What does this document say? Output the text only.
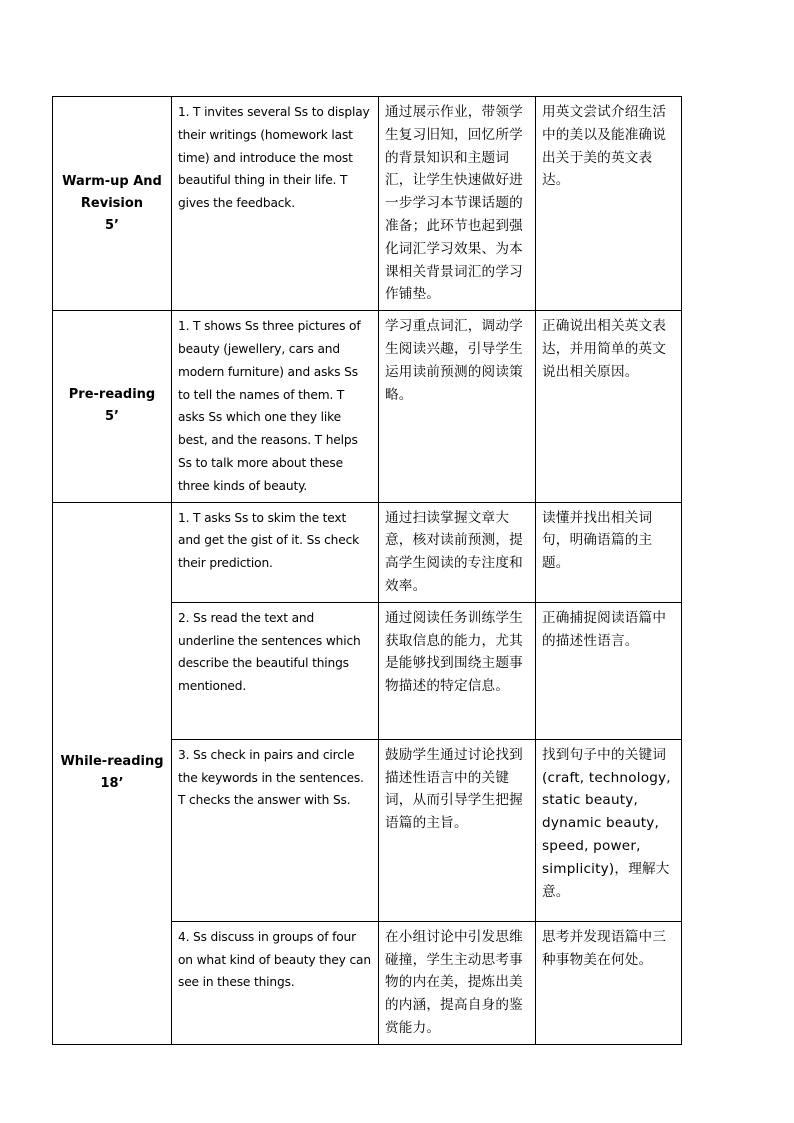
Warm-up And
Revision
5’	1. T invites several Ss to display their writings (homework last time) and introduce the most beautiful thing in their life. T gives the feedback.	通过展示作业，带领学生复习旧知，回忆所学的背景知识和主题词汇，让学生快速做好进一步学习本节课话题的准备；此环节也起到强化词汇学习效果、为本课相关背景词汇的学习作铺垫。	用英文尝试介绍生活中的美以及能准确说出关于美的英文表达。

Pre-reading
5’	1. T shows Ss three pictures of beauty (jewellery, cars and modern furniture) and asks Ss to tell the names of them. T asks Ss which one they like best, and the reasons. T helps Ss to talk more about these three kinds of beauty.	学习重点词汇，调动学生阅读兴趣，引导学生运用读前预测的阅读策略。	正确说出相关英文表达，并用简单的英文说出相关原因。

While-reading
18’	1. T asks Ss to skim the text and get the gist of it. Ss check their prediction.	通过扫读掌握文章大意，核对读前预测，提高学生阅读的专注度和效率。	读懂并找出相关词句，明确语篇的主题。
	2. Ss read the text and underline the sentences which describe the beautiful things mentioned.	通过阅读任务训练学生获取信息的能力，尤其是能够找到围绕主题事物描述的特定信息。	正确捕捉阅读语篇中的描述性语言。
	3. Ss check in pairs and circle the keywords in the sentences. T checks the answer with Ss.	鼓励学生通过讨论找到描述性语言中的关键词，从而引导学生把握语篇的主旨。	找到句子中的关键词(craft, technology, static beauty, dynamic beauty, speed, power, simplicity)，理解大意。
	4. Ss discuss in groups of four on what kind of beauty they can see in these things.	在小组讨论中引发思维碰撞，学生主动思考事物的内在美，提炼出美的内涵，提高自身的鉴赏能力。	思考并发现语篇中三种事物美在何处。
